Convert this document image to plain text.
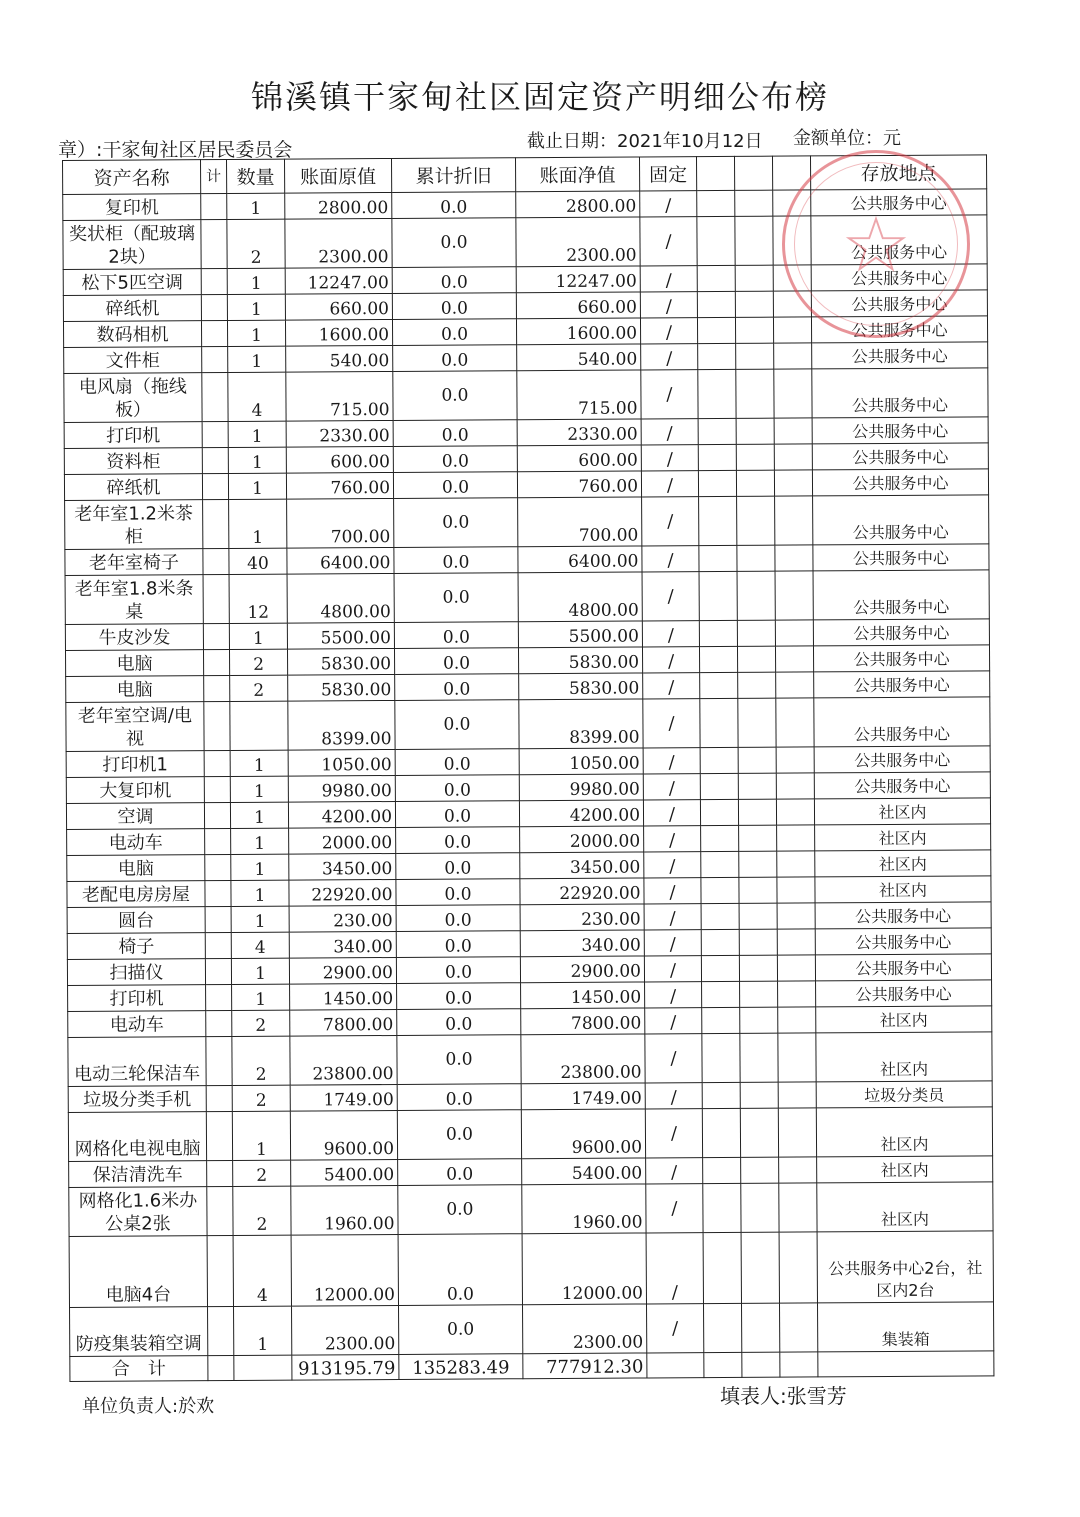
锦溪镇干家甸社区固定资产明细公布榜
章）:干家甸社区居民委员会	截止日期：2021年10月12日 金额单位：元
资产名称	计	数量	账面原值	累计折旧	账面净值	固定				存放地点
复印机		1	2800.00	0.0	2800.00	/				公共服务中心
奖状柜（配玻璃2块）		2	2300.00	0.0	2300.00	/				公共服务中心
松下5匹空调		1	12247.00	0.0	12247.00	/				公共服务中心
碎纸机		1	660.00	0.0	660.00	/				公共服务中心
数码相机		1	1600.00	0.0	1600.00	/				公共服务中心
文件柜		1	540.00	0.0	540.00	/				公共服务中心
电风扇（拖线板）		4	715.00	0.0	715.00	/				公共服务中心
打印机		1	2330.00	0.0	2330.00	/				公共服务中心
资料柜		1	600.00	0.0	600.00	/				公共服务中心
碎纸机		1	760.00	0.0	760.00	/				公共服务中心
老年室1.2米茶柜		1	700.00	0.0	700.00	/				公共服务中心
老年室椅子		40	6400.00	0.0	6400.00	/				公共服务中心
老年室1.8米条桌		12	4800.00	0.0	4800.00	/				公共服务中心
牛皮沙发		1	5500.00	0.0	5500.00	/				公共服务中心
电脑		2	5830.00	0.0	5830.00	/				公共服务中心
电脑		2	5830.00	0.0	5830.00	/				公共服务中心
老年室空调/电视			8399.00	0.0	8399.00	/				公共服务中心
打印机1		1	1050.00	0.0	1050.00	/				公共服务中心
大复印机		1	9980.00	0.0	9980.00	/				公共服务中心
空调		1	4200.00	0.0	4200.00	/				社区内
电动车		1	2000.00	0.0	2000.00	/				社区内
电脑		1	3450.00	0.0	3450.00	/				社区内
老配电房房屋		1	22920.00	0.0	22920.00	/				社区内
圆台		1	230.00	0.0	230.00	/				公共服务中心
椅子		4	340.00	0.0	340.00	/				公共服务中心
扫描仪		1	2900.00	0.0	2900.00	/				公共服务中心
打印机		1	1450.00	0.0	1450.00	/				公共服务中心
电动车		2	7800.00	0.0	7800.00	/				社区内
电动三轮保洁车		2	23800.00	0.0	23800.00	/				社区内
垃圾分类手机		2	1749.00	0.0	1749.00	/				垃圾分类员
网格化电视电脑		1	9600.00	0.0	9600.00	/				社区内
保洁清洗车		2	5400.00	0.0	5400.00	/				社区内
网格化1.6米办公桌2张		2	1960.00	0.0	1960.00	/				社区内
电脑4台		4	12000.00	0.0	12000.00	/				公共服务中心2台，社区内2台
防疫集装箱空调		1	2300.00	0.0	2300.00	/				集装箱
合　计			913195.79	135283.49	777912.30					
单位负责人:於欢	填表人:张雪芳
